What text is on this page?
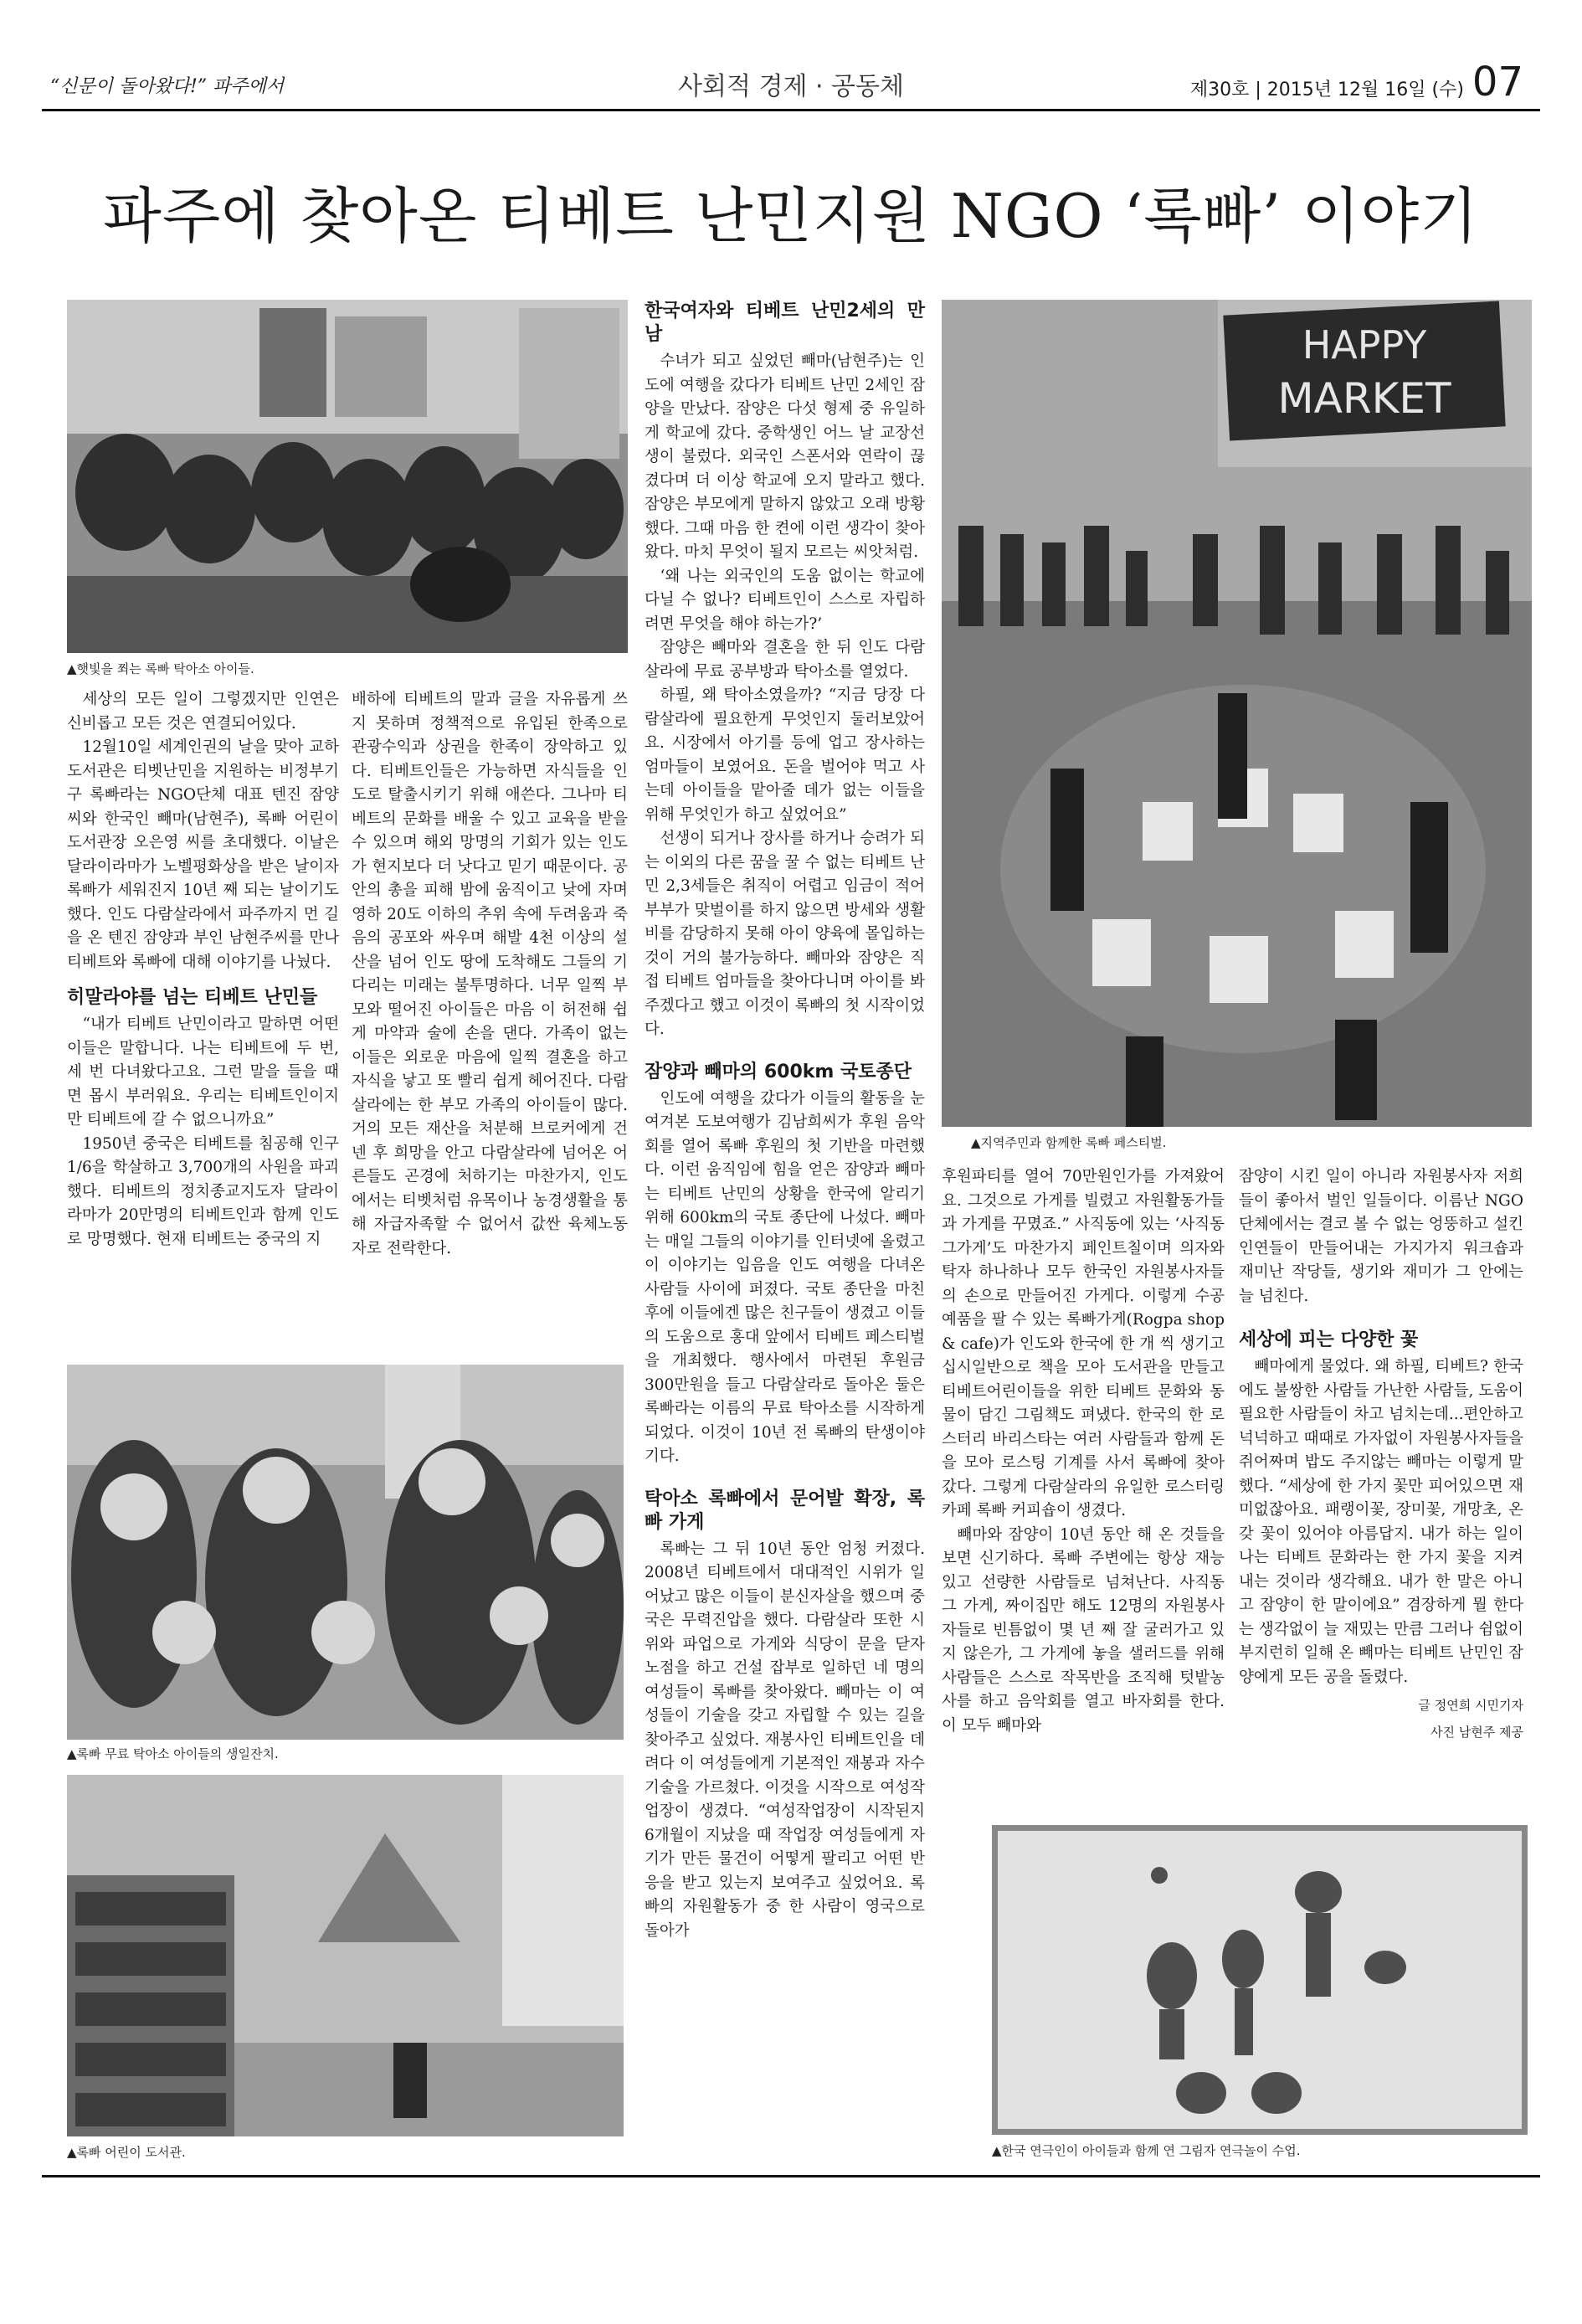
“신문이 돌아왔다!” 파주에서	사회적 경제 · 공동체	제30호 | 2015년 12월 16일 (수) 07
파주에 찾아온 티베트 난민지원 NGO ‘록빠’ 이야기
▲햇빛을 쬐는 록빠 탁아소 아이들.

세상의 모든 일이 그렇겠지만 인연은 신비롭고 모든 것은 연결되어있다.

12월10일 세계인권의 날을 맞아 교하도서관은 티벳난민을 지원하는 비정부기구 록빠라는 NGO단체 대표 텐진 잠양 씨와 한국인 빼마(남현주), 록빠 어린이도서관장 오은영 씨를 초대했다. 이날은 달라이라마가 노벨평화상을 받은 날이자 록빠가 세워진지 10년 째 되는 날이기도 했다. 인도 다람살라에서 파주까지 먼 길을 온 텐진 잠양과 부인 남현주씨를 만나 티베트와 록빠에 대해 이야기를 나눴다.

히말라야를 넘는 티베트 난민들

“내가 티베트 난민이라고 말하면 어떤 이들은 말합니다. 나는 티베트에 두 번, 세 번 다녀왔다고요. 그런 말을 들을 때면 몹시 부러워요. 우리는 티베트인이지만 티베트에 갈 수 없으니까요”

1950년 중국은 티베트를 침공해 인구 1/6을 학살하고 3,700개의 사원을 파괴했다. 티베트의 정치종교지도자 달라이라마가 20만명의 티베트인과 함께 인도로 망명했다. 현재 티베트는 중국의 지

배하에 티베트의 말과 글을 자유롭게 쓰지 못하며 정책적으로 유입된 한족으로 관광수익과 상권을 한족이 장악하고 있다. 티베트인들은 가능하면 자식들을 인도로 탈출시키기 위해 애쓴다. 그나마 티베트의 문화를 배울 수 있고 교육을 받을 수 있으며 해외 망명의 기회가 있는 인도가 현지보다 더 낫다고 믿기 때문이다. 공안의 총을 피해 밤에 움직이고 낮에 자며 영하 20도 이하의 추위 속에 두려움과 죽음의 공포와 싸우며 해발 4천 이상의 설산을 넘어 인도 땅에 도착해도 그들의 기다리는 미래는 불투명하다. 너무 일찍 부모와 떨어진 아이들은 마음 이 허전해 쉽게 마약과 술에 손을 댄다. 가족이 없는 이들은 외로운 마음에 일찍 결혼을 하고 자식을 낳고 또 빨리 쉽게 헤어진다. 다람살라에는 한 부모 가족의 아이들이 많다. 거의 모든 재산을 처분해 브로커에게 건넨 후 희망을 안고 다람살라에 넘어온 어른들도 곤경에 처하기는 마찬가지, 인도에서는 티벳처럼 유목이나 농경생활을 통해 자급자족할 수 없어서 값싼 육체노동자로 전락한다.

한국여자와 티베트 난민2세의 만남

수녀가 되고 싶었던 빼마(남현주)는 인도에 여행을 갔다가 티베트 난민 2세인 잠양을 만났다. 잠양은 다섯 형제 중 유일하게 학교에 갔다. 중학생인 어느 날 교장선생이 불렀다. 외국인 스폰서와 연락이 끊겼다며 더 이상 학교에 오지 말라고 했다. 잠양은 부모에게 말하지 않았고 오래 방황했다. 그때 마음 한 켠에 이런 생각이 찾아왔다. 마치 무엇이 될지 모르는 씨앗처럼.

‘왜 나는 외국인의 도움 없이는 학교에 다닐 수 없나? 티베트인이 스스로 자립하려면 무엇을 해야 하는가?’

잠양은 빼마와 결혼을 한 뒤 인도 다람살라에 무료 공부방과 탁아소를 열었다.

하필, 왜 탁아소였을까? “지금 당장 다람살라에 필요한게 무엇인지 둘러보았어요. 시장에서 아기를 등에 업고 장사하는 엄마들이 보였어요. 돈을 벌어야 먹고 사는데 아이들을 맡아줄 데가 없는 이들을 위해 무엇인가 하고 싶었어요”

선생이 되거나 장사를 하거나 승려가 되는 이외의 다른 꿈을 꿀 수 없는 티베트 난민 2,3세들은 취직이 어렵고 임금이 적어 부부가 맞벌이를 하지 않으면 방세와 생활비를 감당하지 못해 아이 양육에 몰입하는 것이 거의 불가능하다. 빼마와 잠양은 직접 티베트 엄마들을 찾아다니며 아이를 봐주겠다고 했고 이것이 록빠의 첫 시작이었다.

잠양과 빼마의 600km 국토종단

인도에 여행을 갔다가 이들의 활동을 눈여겨본 도보여행가 김남희씨가 후원 음악회를 열어 록빠 후원의 첫 기반을 마련했다. 이런 움직임에 힘을 얻은 잠양과 빼마는 티베트 난민의 상황을 한국에 알리기 위해 600km의 국토 종단에 나섰다. 빼마는 매일 그들의 이야기를 인터넷에 올렸고 이 이야기는 입음을 인도 여행을 다녀온 사람들 사이에 퍼졌다. 국토 종단을 마친 후에 이들에겐 많은 친구들이 생겼고 이들의 도움으로 홍대 앞에서 티베트 페스티벌을 개최했다. 행사에서 마련된 후원금 300만원을 들고 다람살라로 돌아온 둘은 록빠라는 이름의 무료 탁아소를 시작하게 되었다. 이것이 10년 전 록빠의 탄생이야기다.

탁아소 록빠에서 문어발 확장, 록빠 가게

록빠는 그 뒤 10년 동안 엄청 커졌다. 2008년 티베트에서 대대적인 시위가 일어났고 많은 이들이 분신자살을 했으며 중국은 무력진압을 했다. 다람살라 또한 시위와 파업으로 가게와 식당이 문을 닫자 노점을 하고 건설 잡부로 일하던 네 명의 여성들이 록빠를 찾아왔다. 빼마는 이 여성들이 기술을 갖고 자립할 수 있는 길을 찾아주고 싶었다. 재봉사인 티베트인을 데려다 이 여성들에게 기본적인 재봉과 자수 기술을 가르쳤다. 이것을 시작으로 여성작업장이 생겼다. “여성작업장이 시작된지 6개월이 지났을 때 작업장 여성들에게 자기가 만든 물건이 어떻게 팔리고 어떤 반응을 받고 있는지 보여주고 싶었어요. 록빠의 자원활동가 중 한 사람이 영국으로 돌아가

HAPPY
MARKET
▲지역주민과 함께한 록빠 페스티벌.

후원파티를 열어 70만원인가를 가져왔어요. 그것으로 가게를 빌렸고 자원활동가들과 가게를 꾸몄죠.” 사직동에 있는 ‘사직동 그가게’도 마찬가지 페인트칠이며 의자와 탁자 하나하나 모두 한국인 자원봉사자들의 손으로 만들어진 가게다. 이렇게 수공예품을 팔 수 있는 록빠가게(Rogpa shop & cafe)가 인도와 한국에 한 개 씩 생기고 십시일반으로 책을 모아 도서관을 만들고 티베트어린이들을 위한 티베트 문화와 동물이 담긴 그림책도 펴냈다. 한국의 한 로스터리 바리스타는 여러 사람들과 함께 돈을 모아 로스팅 기계를 사서 록빠에 찾아갔다. 그렇게 다람살라의 유일한 로스터링 카페 록빠 커피숍이 생겼다.

빼마와 잠양이 10년 동안 해 온 것들을 보면 신기하다. 록빠 주변에는 항상 재능있고 선량한 사람들로 넘쳐난다. 사직동 그 가게, 짜이집만 해도 12명의 자원봉사자들로 빈틈없이 몇 년 째 잘 굴러가고 있지 않은가, 그 가게에 놓을 샐러드를 위해 사람들은 스스로 작목반을 조직해 텃밭농사를 하고 음악회를 열고 바자회를 한다. 이 모두 빼마와

잠양이 시킨 일이 아니라 자원봉사자 저희들이 좋아서 벌인 일들이다. 이름난 NGO단체에서는 결코 볼 수 없는 엉뚱하고 설킨 인연들이 만들어내는 가지가지 워크숍과 재미난 작당들, 생기와 재미가 그 안에는 늘 넘친다.

세상에 피는 다양한 꽃

빼마에게 물었다. 왜 하필, 티베트? 한국에도 불쌍한 사람들 가난한 사람들, 도움이 필요한 사람들이 차고 넘치는데...편안하고 넉넉하고 때때로 가자없이 자원봉사자들을 쥐어짜며 밥도 주지않는 빼마는 이렇게 말했다. “세상에 한 가지 꽃만 피어있으면 재미없잖아요. 패랭이꽃, 장미꽃, 개망초, 온갖 꽃이 있어야 아름답지. 내가 하는 일이 나는 티베트 문화라는 한 가지 꽃을 지켜 내는 것이라 생각해요. 내가 한 말은 아니고 잠양이 한 말이에요” 겸장하게 뭘 한다는 생각없이 늘 재밌는 만큼 그러나 쉼없이 부지런히 일해 온 빼마는 티베트 난민인 잠양에게 모든 공을 돌렸다.

글 정연희 시민기자
사진 남현주 제공
▲록빠 무료 탁아소 아이들의 생일잔치.
▲록빠 어린이 도서관.	▲한국 연극인이 아이들과 함께 연 그림자 연극놀이 수업.
